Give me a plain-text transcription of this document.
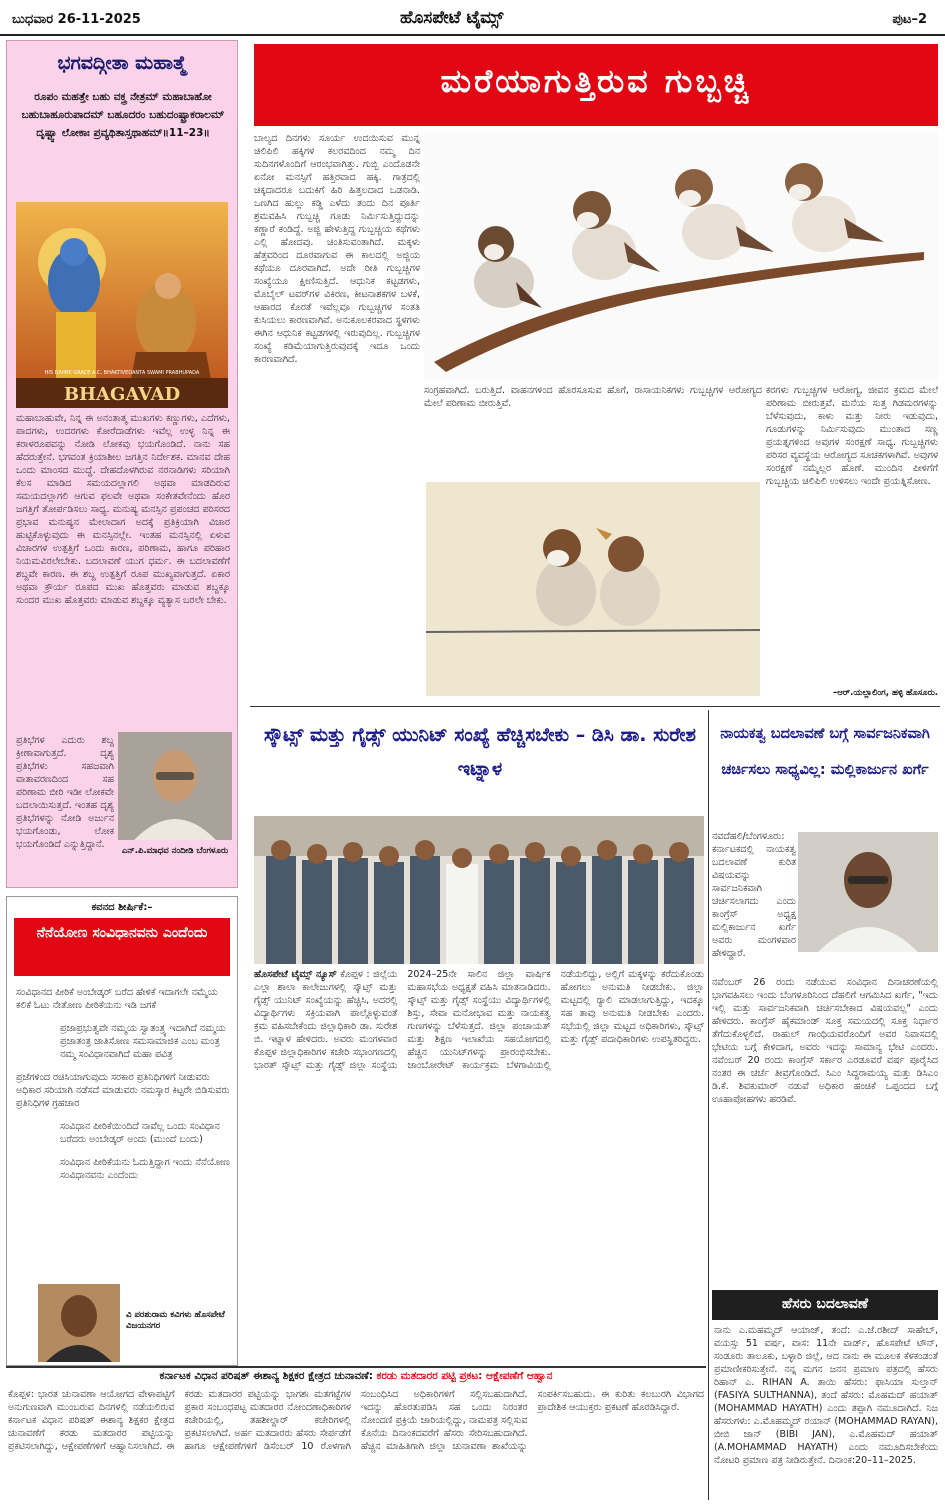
ಬುಧವಾರ 26-11-2025	ಹೊಸಪೇಟೆ ಟೈಮ್ಸ್	ಪುಟ–2
ಭಗವದ್ಗೀತಾ ಮಹಾತ್ಮೆ
ರೂಪಂ ಮಹತ್ತೇ ಬಹು ವಕ್ತ್ರ ನೇತ್ರಮ್ ಮಹಾಬಾಹೋ ಬಹುಬಾಹೂರುಪಾದಮ್ ಬಹೂದರಂ ಬಹುದಂಷ್ಟ್ರಾಕರಾಲಮ್ ದೃಷ್ಟ್ವಾ ಲೋಕಾಃ ಪ್ರವ್ಯಥಿತಾಸ್ತಥಾಹಮ್॥11–23॥
HIS DIVINE GRACE A.C. BHAKTIVEDANTA SWAMI PRABHUPADA
BHAGAVAD
ಮಹಾಬಾಹುವೇ, ನಿನ್ನ ಈ ಅನಂತಾತ್ಮ ಮುಖಗಳು ಕಣ್ಣುಗಳು, ಎದೆಗಳು, ಪಾದಗಳು, ಉದರಗಳು ಕೋರೆದಾಡೆಗಳು ಇವೆಲ್ಲ ಉಳ್ಳ ನಿನ್ನ ಈ ಕರಾಳರೂಪವನ್ನು ನೋಡಿ ಲೋಕವು ಭಯಗೊಂಡಿದೆ. ನಾನು ಸಹ ಹೆದರುತ್ತೇನೆ. ಭಗವಂತ ಕ್ರಿಯಾಶೀಲ ಜಗತ್ತಿನ ನಿರ್ದೇಶಕ. ಮಾನವ ದೇಹ ಒಂದು ಮಾಂಸದ ಮುದ್ದೆ. ದೇಹದೊಳಗಿರುವ ನರನಾಡಿಗಳು ಸರಿಯಾಗಿ ಕೆಲಸ ಮಾಡಿದ ಸಮಯದಲ್ಲಾಗಲಿ ಅಥವಾ ಮಾಡದಿರುವ ಸಮಯದಲ್ಲಾಗಲಿ ಆಗುವ ಫಲವೇ ಅಥವಾ ಸಂಕೇತವೇನೆಂದು ಹೊರ ಜಗತ್ತಿಗೆ ತೋರ್ಪಡಿಸಲು ಸಾಧ್ಯ. ಮನುಷ್ಯ ಮನಸ್ಸಿನ ಪ್ರಪಂಚದ ಪರಿಸರದ ಪ್ರಭಾವ ಮನುಷ್ಯನ ಮೇಲಾದಾಗ ಅದಕ್ಕೆ ಪ್ರತಿಕ್ರಿಯಾಗಿ ವಿಚಾರ ಹುಟ್ಟಿಕೊಳ್ಳುವುದು ಈ ಮನಸ್ಸಿನಲ್ಲೇ. ಇಂತಹ ಮನಸ್ಸಿನಲ್ಲಿ ಏಳುವ ವಿಚಾರಗಳ ಉತ್ಪತ್ತಿಗೆ ಒಂದು ಕಾರಣ, ಪರಿಣಾಮ, ಹಾಗೂ ಪರಿಹಾರ ನಿಯಮವಿರಲೇಬೇಕು. ಬದಲಾವಣೆ ಯುಗ ಧರ್ಮ. ಈ ಬದಲಾವಣೆಗೆ ಶಬ್ದವೇ ಕಾರಣ. ಈ ಶಬ್ದ ಉತ್ಪತ್ತಿಗೆ ರೂಪ ಮುಖ್ಯವಾಗುತ್ತದೆ. ಏಕಾರ ಅಥವಾ ಕ್ರೌರ್ಯ ರೂಪದ ಮುಖ ಹೊತ್ತವರು ಮಾಡುವ ಶಬ್ದಕ್ಕೂ ಸುಂದರ ಮುಖ ಹೊತ್ತವರು ಮಾಡುವ ಶಬ್ದಕ್ಕೂ ವ್ಯತ್ಯಾಸ ಬರಲೇ ಬೇಕು.
ಪ್ರತಿಭೆಗಳ ಎದುರು ಶಬ್ದ ಕ್ರೀಣಾವಾಗುತ್ತದೆ. ದೃಶ್ಯ ಪ್ರತಿಭೆಗಳು ಸಹಜವಾಗಿ ವಾತಾವರಣದಿಂದ ಸಹ ಪರಿಣಾಮ ಬೀರಿ ಇಡೀ ಲೋಕವೇ ಬದಲಾಯಿಸುತ್ತದೆ. ಇಂತಹ ದೃಶ್ಯ ಪ್ರತಿಭೆಗಳನ್ನು ನೋಡಿ ಅರ್ಜುನ ಭಯಗೊಂಡು, ಲೋಕ ಭಯಗೊಂಡಿದೆ ಎನ್ನುತ್ತಿದ್ದಾನೆ.
ಎನ್.ಪಿ.ಮಾಧವ ನಂದೀಡಿ ಬೆಂಗಳೂರು
ಕವನದ ಶೀರ್ಷಿಕೆ:–
ನೆನೆಯೋಣ ಸಂವಿಧಾನವನು ಎಂದೆಂದು
ಸಂವಿಧಾನದ ಪೀಠಿಕೆ ಅಂಬೇಡ್ಕರ್ ಬರೆದ ಹೇಳಿಕೆ ಇದಾಗಲೇ ನಮ್ಮೆಯ ಕಲಿಕೆ ಓಟು ನೇತೋಣ ಪೀಠಿಕೆಯನು ಇಡಿ ಜಗಕೆ
ಪ್ರಜಾಪ್ರಭುತ್ವವೇ ನಮ್ಮಯ ಸ್ವಾತಂತ್ರ್ಯ ಇದಾಗಿದೆ ನಮ್ಮಯ ಪ್ರಜಾತಂತ್ರ ಜಾತಿಸೋಣ ಸಮಸಾಮಾಜಿಕ ಎಂಬ ಮಂತ್ರ ನಮ್ಮ ಸಂವಿಧಾನವಾಗಿದೆ ಮಹಾ ಪವಿತ್ರ
ಪ್ರಜೆಗಳಿಂದ ರಚಿಸಿಯಾಗುವುದು ಸರಕಾರ ಪ್ರತಿನಿಧಿಗಳಿಗೆ ನೀಡುವರು ಅಧಿಕಾರ ಸರಿಯಾಗಿ ನಡೆಸದೆ ಮಾಡುವರು ನಮಸ್ಕಾರ ಕಿಟ್ಟರೇ ಬಿಡಿಸುವರು ಪ್ರತಿನಿಧಿಗಳ ಗ್ರಹಚಾರ
ಸಂವಿಧಾನ ಪೀಠಿಕೆಯಿಂದಿದೆ ನಾವೆಲ್ಲ ಒಂದು ಸಂವಿಧಾನ ಬರೆದರು ಅಂಬೇಡ್ಕರ್ ಅಂದು (ಮುಂದೆ ಬಂದು)
ಸಂವಿಧಾನ ಪೀಠಿಕೆಯನು ಓದುತ್ತಿದ್ದಾಗ ಇಂದು ನೆನೆಯೋಣ ಸಂವಿಧಾನವನು ಎಂದೆಂದು
ವಿ ಪರಶುರಾಮ ಕವಿಗಳು ಹೊಸಪೇಟೆ ವಿಜಯನಗರ
ಮರೆಯಾಗುತ್ತಿರುವ ಗುಬ್ಬಚ್ಚಿ
ಬಾಲ್ಯದ ದಿನಗಳು ಸೂರ್ಯ ಉದಯಿಸುವ ಮುನ್ನ ಚಿಲಿಪಿಲಿ ಹಕ್ಕಿಗಳ ಕಲರವದಿಂದ ನಮ್ಮ ದಿನ ಸುದಿನಗಳೊಂದಿಗೆ ಆರಂಭವಾಗಿತ್ತು. ಗುಬ್ಬಿ ಎಂದೊಡನೇ ಏನೋ ಮನಸ್ಸಿಗೆ ಹತ್ತಿರವಾದ ಹಕ್ಕಿ. ಗಾತ್ರದಲ್ಲಿ ಚಿಕ್ಕದಾದರೂ ಬದುಕಿಗೆ ಹಿರಿ ಹಿತ್ತಲದಾದ ಒಡನಾಡಿ. ಒಣಗಿದ ಹುಲ್ಲು ಕಡ್ಡಿ ಎಳೆದು ತಂದು ದಿನ ಪೂರ್ತಿ ಶ್ರಮವಹಿಸಿ ಗುಬ್ಬಚ್ಚಿ ಗೂಡು ನಿರ್ಮಿಸುತ್ತಿದ್ದುದನ್ನು ಕಣ್ಣಾರೆ ಕಂಡಿದ್ದೆ. ಅಜ್ಜಿ ಹೇಳುತ್ತಿದ್ದ ಗುಬ್ಬಚ್ಚಿಯ ಕಥೆಗಳು ಎಲ್ಲಿ ಹೋದವು. ಚಿಂತಿಸುವಂತಾಗಿದೆ. ಮಕ್ಕಳು ಹೆತ್ತವರಿಂದ ದೂರವಾಗುವ ಈ ಕಾಲದಲ್ಲಿ ಅಜ್ಜಿಯ ಕಥೆಯೂ ದೂರವಾಗಿದೆ. ಅದೇ ರೀತಿ ಗುಬ್ಬಚ್ಚಿಗಳ ಸಂಖ್ಯೆಯೂ ಕ್ಷೀಣಿಸುತ್ತಿದೆ. ಆಧುನಿಕ ಕಟ್ಟಡಗಳು, ಮೊಬೈಲ್ ಟವರ್‌ಗಳ ವಿಕಿರಣ, ಕೀಟನಾಶಕಗಳ ಬಳಕೆ, ಆಹಾರದ ಕೊರತೆ ಇವೆಲ್ಲವೂ ಗುಬ್ಬಚ್ಚಿಗಳ ಸಂತತಿ ಕುಸಿಯಲು ಕಾರಣವಾಗಿವೆ. ಅನುಕೂಲಕರವಾದ ಸ್ಥಳಗಳು ಈಗಿನ ಆಧುನಿಕ ಕಟ್ಟಡಗಳಲ್ಲಿ ಇರುವುದಿಲ್ಲ. ಗುಬ್ಬಚ್ಚಿಗಳ ಸಂಖ್ಯೆ ಕಡಿಮೆಯಾಗುತ್ತಿರುವುದಕ್ಕೆ ಇದೂ ಒಂದು ಕಾರಣವಾಗಿದೆ.
ಸಂಗ್ರಹವಾಗಿದೆ. ಬರುತ್ತಿದೆ. ವಾಹನಗಳಿಂದ ಹೊರಸೂಸುವ ಹೊಗೆ, ರಾಸಾಯನಿಕಗಳು ಗುಬ್ಬಚ್ಚಿಗಳ ಆರೋಗ್ಯದ ಮೇಲೆ ಪರಿಣಾಮ ಬೀರುತ್ತಿವೆ.
ಕರಗಳು ಗುಬ್ಬಚ್ಚಿಗಳ ಆರೋಗ್ಯ, ಜೀವನ ಕ್ರಮದ ಮೇಲೆ ಪರಿಣಾಮ ಬೀರುತ್ತವೆ. ಮನೆಯ ಸುತ್ತ ಗಿಡಮರಗಳನ್ನು ಬೆಳೆಸುವುದು, ಕಾಳು ಮತ್ತು ನೀರು ಇಡುವುದು, ಗೂಡುಗಳನ್ನು ನಿರ್ಮಿಸುವುದು ಮುಂತಾದ ಸಣ್ಣ ಪ್ರಯತ್ನಗಳಿಂದ ಅವುಗಳ ಸಂರಕ್ಷಣೆ ಸಾಧ್ಯ. ಗುಬ್ಬಚ್ಚಿಗಳು ಪರಿಸರ ವ್ಯವಸ್ಥೆಯ ಆರೋಗ್ಯದ ಸೂಚಕಗಳಾಗಿವೆ. ಅವುಗಳ ಸಂರಕ್ಷಣೆ ನಮ್ಮೆಲ್ಲರ ಹೊಣೆ. ಮುಂದಿನ ಪೀಳಿಗೆಗೆ ಗುಬ್ಬಚ್ಚಿಯ ಚಿಲಿಪಿಲಿ ಉಳಿಸಲು ಇಂದೇ ಪ್ರಯತ್ನಿಸೋಣ.
–ಆರ್.ಯಲ್ಲಾಲಿಂಗ, ಹಳ್ಳಿ ಹೊಸೂರು.
ಸ್ಕೌಟ್ಸ್ ಮತ್ತು ಗೈಡ್ಸ್ ಯುನಿಟ್ ಸಂಖ್ಯೆ ಹೆಚ್ಚಿಸಬೇಕು – ಡಿಸಿ ಡಾ. ಸುರೇಶ ಇಟ್ನಾಳ
ಹೊಸಪೇಟೆ ಟೈಮ್ಸ್ ನ್ಯೂಸ್ ಕೊಪ್ಪಳ : ಜಿಲ್ಲೆಯ ಎಲ್ಲಾ ಶಾಲಾ ಕಾಲೇಜುಗಳಲ್ಲಿ ಸ್ಕೌಟ್ಸ್ ಮತ್ತು ಗೈಡ್ಸ್ ಯುನಿಟ್ ಸಂಖ್ಯೆಯನ್ನು ಹೆಚ್ಚಿಸಿ, ಅದರಲ್ಲಿ ವಿದ್ಯಾರ್ಥಿಗಳು ಸಕ್ರಿಯವಾಗಿ ಪಾಲ್ಗೊಳ್ಳುವಂತೆ ಕ್ರಮ ವಹಿಸಬೇಕೆಂದು ಜಿಲ್ಲಾಧಿಕಾರಿ ಡಾ. ಸುರೇಶ ಬಿ. ಇಟ್ನಾಳ ಹೇಳಿದರು. ಅವರು ಮಂಗಳವಾರ ಕೊಪ್ಪಳ ಜಿಲ್ಲಾಧಿಕಾರಿಗಳ ಕಚೇರಿ ಸಭಾಂಗಣದಲ್ಲಿ ಭಾರತ್ ಸ್ಕೌಟ್ಸ್ ಮತ್ತು ಗೈಡ್ಸ್ ಜಿಲ್ಲಾ ಸಂಸ್ಥೆಯ 2024–25ನೇ ಸಾಲಿನ ಜಿಲ್ಲಾ ವಾರ್ಷಿಕ ಮಹಾಸಭೆಯ ಅಧ್ಯಕ್ಷತೆ ವಹಿಸಿ ಮಾತನಾಡಿದರು. ಸ್ಕೌಟ್ಸ್ ಮತ್ತು ಗೈಡ್ಸ್ ಸಂಸ್ಥೆಯು ವಿದ್ಯಾರ್ಥಿಗಳಲ್ಲಿ ಶಿಸ್ತು, ಸೇವಾ ಮನೋಭಾವ ಮತ್ತು ನಾಯಕತ್ವ ಗುಣಗಳನ್ನು ಬೆಳೆಸುತ್ತದೆ. ಜಿಲ್ಲಾ ಪಂಚಾಯತ್ ಮತ್ತು ಶಿಕ್ಷಣ ಇಲಾಖೆಯ ಸಹಯೋಗದಲ್ಲಿ ಹೆಚ್ಚಿನ ಯುನಿಟ್‌ಗಳನ್ನು ಪ್ರಾರಂಭಿಸಬೇಕು. ಜಾಂಬೋರೇಟ್ ಕಾರ್ಯಕ್ರಮ ಬೆಳಗಾವಿಯಲ್ಲಿ ನಡೆಯಲಿದ್ದು, ಅಲ್ಲಿಗೆ ಮಕ್ಕಳನ್ನು ಕರೆದುಕೊಂಡು ಹೋಗಲು ಅನುಮತಿ ನೀಡಬೇಕು. ಜಿಲ್ಲಾ ಮಟ್ಟದಲ್ಲಿ ರ‍್ಯಾಲಿ ಮಾಡಲಾಗುತ್ತಿದ್ದು, ಇದಕ್ಕೂ ಸಹ ತಾವು ಅನುಮತಿ ನೀಡಬೇಕು ಎಂದರು. ಸಭೆಯಲ್ಲಿ ಜಿಲ್ಲಾ ಮಟ್ಟದ ಅಧಿಕಾರಿಗಳು, ಸ್ಕೌಟ್ಸ್ ಮತ್ತು ಗೈಡ್ಸ್ ಪದಾಧಿಕಾರಿಗಳು ಉಪಸ್ಥಿತರಿದ್ದರು.
ನಾಯಕತ್ವ ಬದಲಾವಣೆ ಬಗ್ಗೆ ಸಾರ್ವಜನಿಕವಾಗಿ ಚರ್ಚಿಸಲು ಸಾಧ್ಯವಿಲ್ಲ: ಮಲ್ಲಿಕಾರ್ಜುನ ಖರ್ಗೆ
ನವದೆಹಲಿ/ಬೆಂಗಳೂರು: ಕರ್ನಾಟಕದಲ್ಲಿ ನಾಯಕತ್ವ ಬದಲಾವಣೆ ಕುರಿತ ವಿಷಯವನ್ನು ಸಾರ್ವಜನಿಕವಾಗಿ ಚರ್ಚಿಸಲಾಗದು ಎಂದು ಕಾಂಗ್ರೆಸ್ ಅಧ್ಯಕ್ಷ ಮಲ್ಲಿಕಾರ್ಜುನ ಖರ್ಗೆ ಅವರು ಮಂಗಳವಾರ ಹೇಳಿದ್ದಾರೆ.
ನವೆಂಬರ್ 26 ರಂದು ನಡೆಯುವ ಸಂವಿಧಾನ ದಿನಾಚರಣೆಯಲ್ಲಿ ಭಾಗವಹಿಸಲು ಇಂದು ಬೆಂಗಳೂರಿನಿಂದ ದೆಹಲಿಗೆ ಆಗಮಿಸಿದ ಖರ್ಗೆ, "ಇದು ಇಲ್ಲಿ ಮತ್ತು ಸಾರ್ವಜನಿಕವಾಗಿ ಚರ್ಚಿಸಬೇಕಾದ ವಿಷಯವಲ್ಲ" ಎಂದು ಹೇಳಿದರು. ಕಾಂಗ್ರೆಸ್ ಹೈಕಮಾಂಡ್ ಸೂಕ್ತ ಸಮಯದಲ್ಲಿ ಸೂಕ್ತ ನಿರ್ಧಾರ ತೆಗೆದುಕೊಳ್ಳಲಿದೆ. ರಾಹುಲ್ ಗಾಂಧಿಯವರೊಂದಿಗೆ ಅವರ ನಿವಾಸದಲ್ಲಿ ಭೇಟಿಯ ಬಗ್ಗೆ ಕೇಳಿದಾಗ, ಅವರು ಇದನ್ನು ಸಾಮಾನ್ಯ ಭೇಟಿ ಎಂದರು. ನವೆಂಬರ್ 20 ರಂದು ಕಾಂಗ್ರೆಸ್ ಸರ್ಕಾರ ಎರಡೂವರೆ ವರ್ಷ ಪೂರೈಸಿದ ನಂತರ ಈ ಚರ್ಚೆ ತೀವ್ರಗೊಂಡಿದೆ. ಸಿಎಂ ಸಿದ್ದರಾಮಯ್ಯ ಮತ್ತು ಡಿಸಿಎಂ ಡಿ.ಕೆ. ಶಿವಕುಮಾರ್ ನಡುವೆ ಅಧಿಕಾರ ಹಂಚಿಕೆ ಒಪ್ಪಂದದ ಬಗ್ಗೆ ಊಹಾಪೋಹಗಳು ಹರಡಿವೆ.
ಹೆಸರು ಬದಲಾವಣೆ
ನಾನು ಎ.ಮಹಮ್ಮದ್ ಆಯಾಜ್, ತಂದೆ: ಎ.ಜೆ.ರಶೀದ್ ಸಾಹೇಬ್, ವಯಸ್ಸು 51 ವರ್ಷ, ವಾಸ: 11ನೇ ವಾರ್ಡ್, ಹೊಸಪೇಟೆ ಟೌನ್, ಸಂಡೂರು ತಾಲೂಕು, ಬಳ್ಳಾರಿ ಜಿಲ್ಲೆ, ಆದ ನಾನು ಈ ಮೂಲಕ ಕೆಳಕಂಡಂತೆ ಪ್ರಮಾಣೀಕರಿಸುತ್ತೇನೆ. ನನ್ನ ಮಗನ ಜನನ ಪ್ರಮಾಣ ಪತ್ರದಲ್ಲಿ ಹೆಸರು ರಿಹಾನ್ ಎ. RIHAN A. ತಾಯಿ ಹೆಸರು: ಫಾಸಿಯಾ ಸುಲ್ತಾನ್ (FASIYA SULTHANNA), ತಂದೆ ಹೆಸರು: ಮೊಹಮದ್ ಹಯಾತ್ (MOHAMMAD HAYATH) ಎಂದು ತಪ್ಪಾಗಿ ನಮೂದಾಗಿದೆ. ನಿಜ ಹೆಸರುಗಳು: ಎ.ಮೊಹಮ್ಮದ್ ರಯಾನ್ (MOHAMMAD RAYAN), ಬೀಬಿ ಜಾನ್ (BIBI JAN), ಎ.ಮೊಹಮದ್ ಹಯಾತ್ (A.MOHAMMAD HAYATH) ಎಂದು ನಮೂದಿಸಬೇಕೆಂದು ನೋಟರಿ ಪ್ರಮಾಣ ಪತ್ರ ನೀಡಿರುತ್ತೇನೆ. ದಿನಾಂಕ:20–11–2025.
ಕರ್ನಾಟಕ ವಿಧಾನ ಪರಿಷತ್ ಈಶಾನ್ಯ ಶಿಕ್ಷಕರ ಕ್ಷೇತ್ರದ ಚುನಾವಣೆ: ಕರಡು ಮತದಾರರ ಪಟ್ಟಿ ಪ್ರಕಟ: ಆಕ್ಷೇಪಣೆಗೆ ಆಹ್ವಾನ
ಕೊಪ್ಪಳ: ಭಾರತ ಚುನಾವಣಾ ಆಯೋಗದ ವೇಳಾಪಟ್ಟಿಗೆ ಅನುಗುಣವಾಗಿ ಮುಂಬರುವ ದಿನಗಳಲ್ಲಿ ನಡೆಯಲಿರುವ ಕರ್ನಾಟಕ ವಿಧಾನ ಪರಿಷತ್ ಈಶಾನ್ಯ ಶಿಕ್ಷಕರ ಕ್ಷೇತ್ರದ ಚುನಾವಣೆಗೆ ಕರಡು ಮತದಾರರ ಪಟ್ಟಿಯನ್ನು ಪ್ರಕಟಿಸಲಾಗಿದ್ದು, ಆಕ್ಷೇಪಣೆಗಳಿಗೆ ಆಹ್ವಾನಿಸಲಾಗಿದೆ. ಈ ಕರಡು ಮತದಾರರ ಪಟ್ಟಿಯನ್ನು ಭಾಗಶಃ ಮತಗಟ್ಟೆಗಳ ಪ್ರಕಾರ ಸಂಬಂಧಪಟ್ಟ ಮತದಾರರ ನೋಂದಣಾಧಿಕಾರಿಗಳ ಕಚೇರಿಯಲ್ಲಿ, ತಹಶೀಲ್ದಾರ್ ಕಚೇರಿಗಳಲ್ಲಿ ಪ್ರಕಟಿಸಲಾಗಿದೆ. ಅರ್ಹ ಮತದಾರರು ಹೆಸರು ಸೇರ್ಪಡೆಗೆ ಹಾಗೂ ಆಕ್ಷೇಪಣೆಗಳಿಗೆ ಡಿಸೆಂಬರ್ 10 ರೊಳಗಾಗಿ ಸಂಬಂಧಿಸಿದ ಅಧಿಕಾರಿಗಳಿಗೆ ಸಲ್ಲಿಸಬಹುದಾಗಿದೆ. ಇದನ್ನು ಹೊರತುಪಡಿಸಿ ಸಹ ಒಂದು ನಿರಂತರ ನೋಂದಣಿ ಪ್ರಕ್ರಿಯೆ ಜಾರಿಯಲ್ಲಿದ್ದು, ನಾಮಪತ್ರ ಸಲ್ಲಿಸುವ ಕೊನೆಯ ದಿನಾಂಕದವರೆಗೆ ಹೆಸರು ಸೇರಿಸಬಹುದಾಗಿದೆ. ಹೆಚ್ಚಿನ ಮಾಹಿತಿಗಾಗಿ ಜಿಲ್ಲಾ ಚುನಾವಣಾ ಶಾಖೆಯನ್ನು ಸಂಪರ್ಕಿಸಬಹುದು. ಈ ಕುರಿತು ಕಲಬುರಗಿ ವಿಭಾಗದ ಪ್ರಾದೇಶಿಕ ಆಯುಕ್ತರು ಪ್ರಕಟಣೆ ಹೊರಡಿಸಿದ್ದಾರೆ.
